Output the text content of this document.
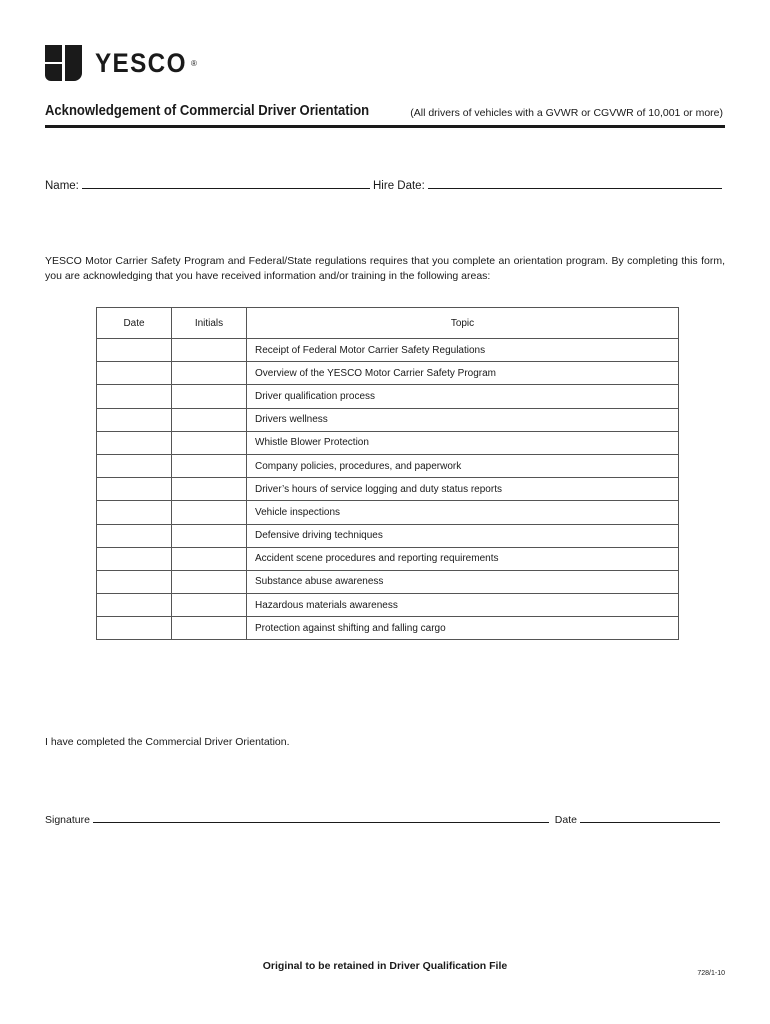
YESCO ®
Acknowledgement of Commercial Driver Orientation	(All drivers of vehicles with a GVWR or CGVWR of 10,001 or more)
Name:	Hire Date:
YESCO Motor Carrier Safety Program and Federal/State regulations requires that you complete an orientation program. By completing this form, you are acknowledging that you have received information and/or training in the following areas:
Date	Initials	Topic
		Receipt of Federal Motor Carrier Safety Regulations
		Overview of the YESCO Motor Carrier Safety Program
		Driver qualification process
		Drivers wellness
		Whistle Blower Protection
		Company policies, procedures, and paperwork
		Driver’s hours of service logging and duty status reports
		Vehicle inspections
		Defensive driving techniques
		Accident scene procedures and reporting requirements
		Substance abuse awareness
		Hazardous materials awareness
		Protection against shifting and falling cargo
I have completed the Commercial Driver Orientation.
Signature	Date
Original to be retained in Driver Qualification File
728/1-10
